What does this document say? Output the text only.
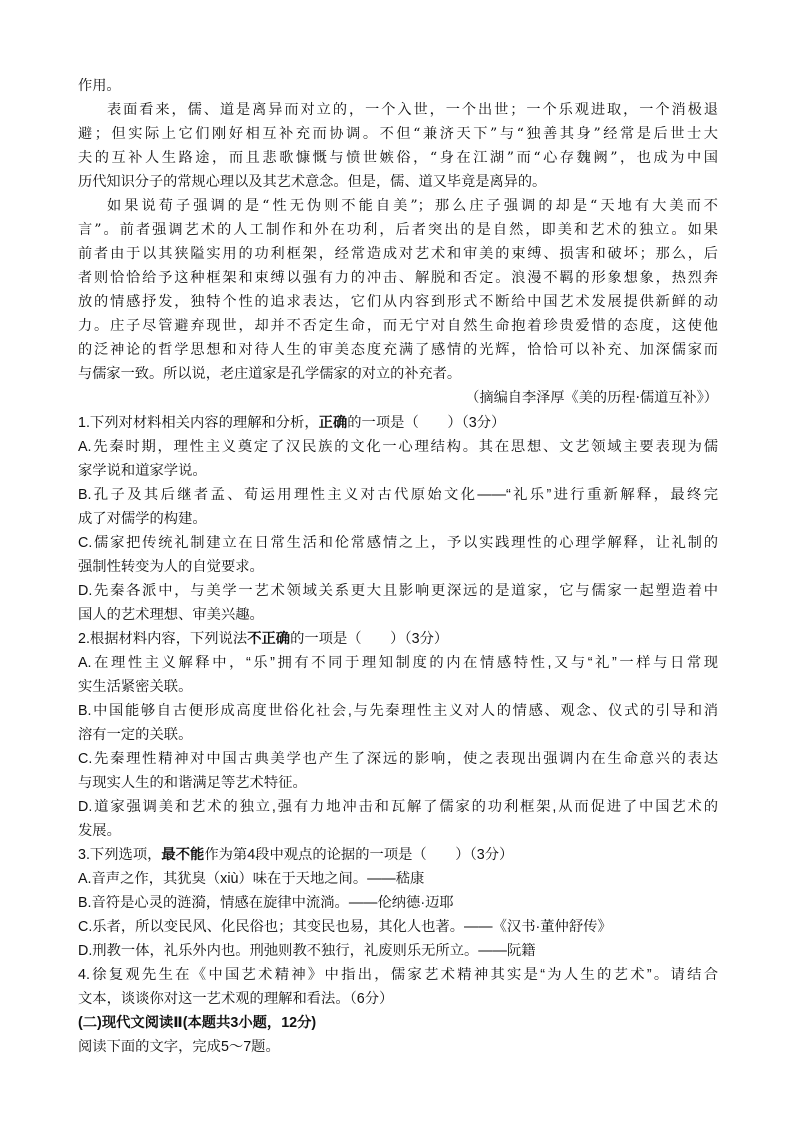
作用。
表面看来，儒、道是离异而对立的，一个入世，一个出世；一个乐观进取，一个消极退
避；但实际上它们刚好相互补充而协调。不但“兼济天下”与“独善其身”经常是后世士大
夫的互补人生路途，而且悲歌慷慨与愤世嫉俗，“身在江湖”而“心存魏阙”，也成为中国
历代知识分子的常规心理以及其艺术意念。但是，儒、道又毕竟是离异的。
如果说荀子强调的是“性无伪则不能自美”；那么庄子强调的却是“天地有大美而不
言”。前者强调艺术的人工制作和外在功利，后者突出的是自然，即美和艺术的独立。如果
前者由于以其狭隘实用的功利框架，经常造成对艺术和审美的束缚、损害和破坏；那么，后
者则恰恰给予这种框架和束缚以强有力的冲击、解脱和否定。浪漫不羁的形象想象，热烈奔
放的情感抒发，独特个性的追求表达，它们从内容到形式不断给中国艺术发展提供新鲜的动
力。庄子尽管避弃现世，却并不否定生命，而无宁对自然生命抱着珍贵爱惜的态度，这使他
的泛神论的哲学思想和对待人生的审美态度充满了感情的光辉，恰恰可以补充、加深儒家而
与儒家一致。所以说，老庄道家是孔学儒家的对立的补充者。
（摘编自李泽厚《美的历程·儒道互补》）
1.下列对材料相关内容的理解和分析，正确的一项是（　　）（3分）
A.先秦时期，理性主义奠定了汉民族的文化一心理结构。其在思想、文艺领域主要表现为儒
家学说和道家学说。
B.孔子及其后继者孟、荀运用理性主义对古代原始文化——“礼乐”进行重新解释，最终完
成了对儒学的构建。
C.儒家把传统礼制建立在日常生活和伦常感情之上，予以实践理性的心理学解释，让礼制的
强制性转变为人的自觉要求。
D.先秦各派中，与美学一艺术领域关系更大且影响更深远的是道家，它与儒家一起塑造着中
国人的艺术理想、审美兴趣。
2.根据材料内容，下列说法不正确的一项是（　　）（3分）
A.在理性主义解释中，“乐”拥有不同于理知制度的内在情感特性,又与“礼”一样与日常现
实生活紧密关联。
B.中国能够自古便形成高度世俗化社会,与先秦理性主义对人的情感、观念、仪式的引导和消
溶有一定的关联。
C.先秦理性精神对中国古典美学也产生了深远的影响，使之表现出强调内在生命意兴的表达
与现实人生的和谐满足等艺术特征。
D.道家强调美和艺术的独立,强有力地冲击和瓦解了儒家的功利框架,从而促进了中国艺术的
发展。
3.下列选项，最不能作为第4段中观点的论据的一项是（　　）（3分）
A.音声之作，其犹臭（xiù）味在于天地之间。——嵇康
B.音符是心灵的涟漪，情感在旋律中流淌。——伦纳德·迈耶
C.乐者，所以变民风、化民俗也；其变民也易，其化人也著。——《汉书·董仲舒传》
D.刑教一体，礼乐外内也。刑弛则教不独行，礼废则乐无所立。——阮籍
4.徐复观先生在《中国艺术精神》中指出，儒家艺术精神其实是“为人生的艺术”。请结合
文本，谈谈你对这一艺术观的理解和看法。（6分）
(二)现代文阅读Ⅱ(本题共3小题，12分)
阅读下面的文字，完成5～7题。
